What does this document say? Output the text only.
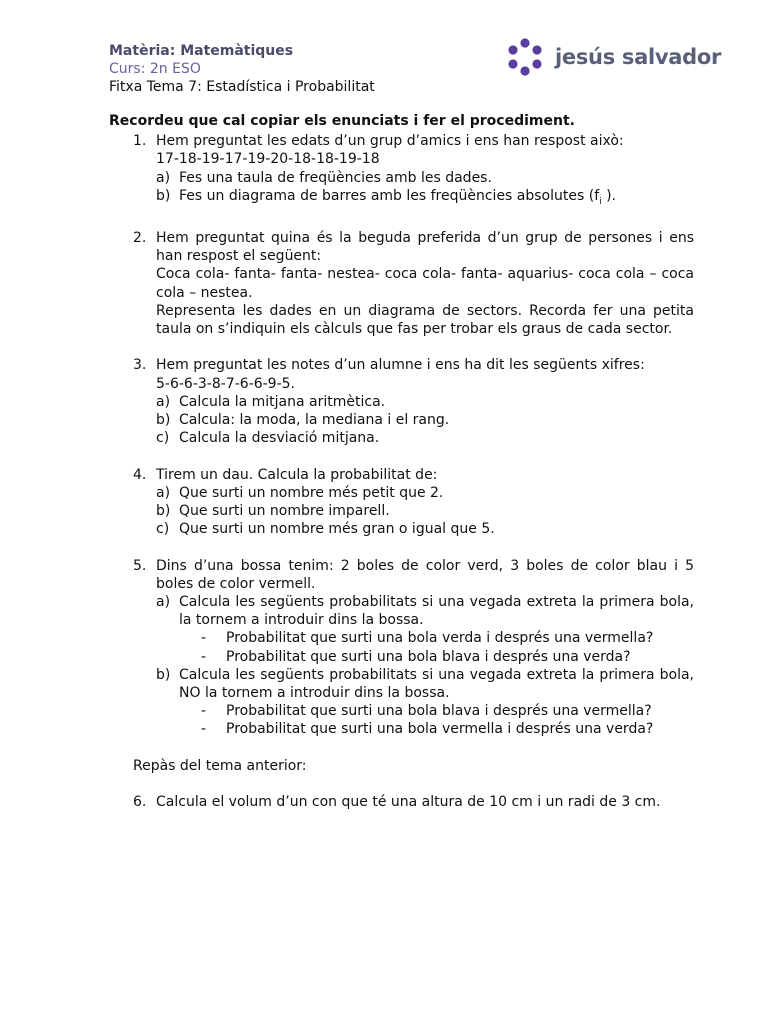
Matèria: Matemàtiques
Curs: 2n ESO
Fitxa Tema 7: Estadística i Probabilitat
jesús salvador
Recordeu que cal copiar els enunciats i fer el procediment.
1. Hem preguntat les edats d’un grup d’amics i ens han respost això:
17-18-19-17-19-20-18-18-19-18
a) Fes una taula de freqüències amb les dades.
b) Fes un diagrama de barres amb les freqüències absolutes ($f_i$ ).
2. Hem preguntat quina és la beguda preferida d’un grup de persones i ens han respost el següent:
Coca cola- fanta- fanta- nestea- coca cola- fanta- aquarius- coca cola – coca cola – nestea.
Representa les dades en un diagrama de sectors. Recorda fer una petita taula on s’indiquin els càlculs que fas per trobar els graus de cada sector.
3. Hem preguntat les notes d’un alumne i ens ha dit les següents xifres:
5-6-6-3-8-7-6-6-9-5.
a) Calcula la mitjana aritmètica.
b) Calcula: la moda, la mediana i el rang.
c) Calcula la desviació mitjana.
4. Tirem un dau. Calcula la probabilitat de:
a) Que surti un nombre més petit que 2.
b) Que surti un nombre imparell.
c) Que surti un nombre més gran o igual que 5.
5. Dins d’una bossa tenim: 2 boles de color verd, 3 boles de color blau i 5 boles de color vermell.
a) Calcula les següents probabilitats si una vegada extreta la primera bola, la tornem a introduir dins la bossa.
- Probabilitat que surti una bola verda i després una vermella?
- Probabilitat que surti una bola blava i després una verda?
b) Calcula les següents probabilitats si una vegada extreta la primera bola, NO la tornem a introduir dins la bossa.
- Probabilitat que surti una bola blava i després una vermella?
- Probabilitat que surti una bola vermella i després una verda?
Repàs del tema anterior:
6. Calcula el volum d’un con que té una altura de 10 cm i un radi de 3 cm.
